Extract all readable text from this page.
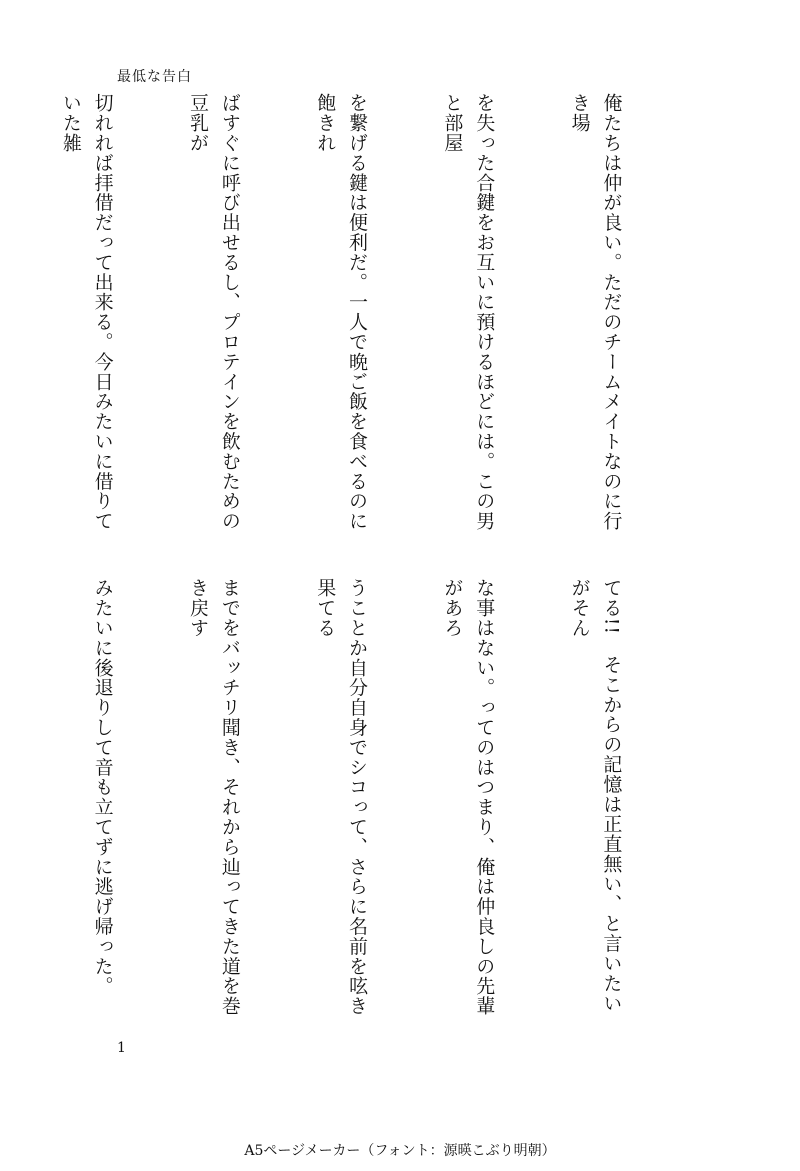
最低な告白

俺たちは仲が良い。ただのチームメイトなのに行き場

を失った合鍵をお互いに預けるほどには。この男と部屋

を繋げる鍵は便利だ。一人で晩ご飯を食べるのに飽きれ

ばすぐに呼び出せるし、プロテインを飲むための豆乳が

切れれば拝借だって出来る。今日みたいに借りていた雑

てる!!　そこからの記憶は正直無い、と言いたいがそん

な事はない。ってのはつまり、俺は仲良しの先輩があろ

うことか自分自身でシコって、さらに名前を呟き果てる

までをバッチリ聞き、それから辿ってきた道を巻き戻す

みたいに後退りして音も立てずに逃げ帰った。

1
A5ページメーカー（フォント：源暎こぶり明朝）
